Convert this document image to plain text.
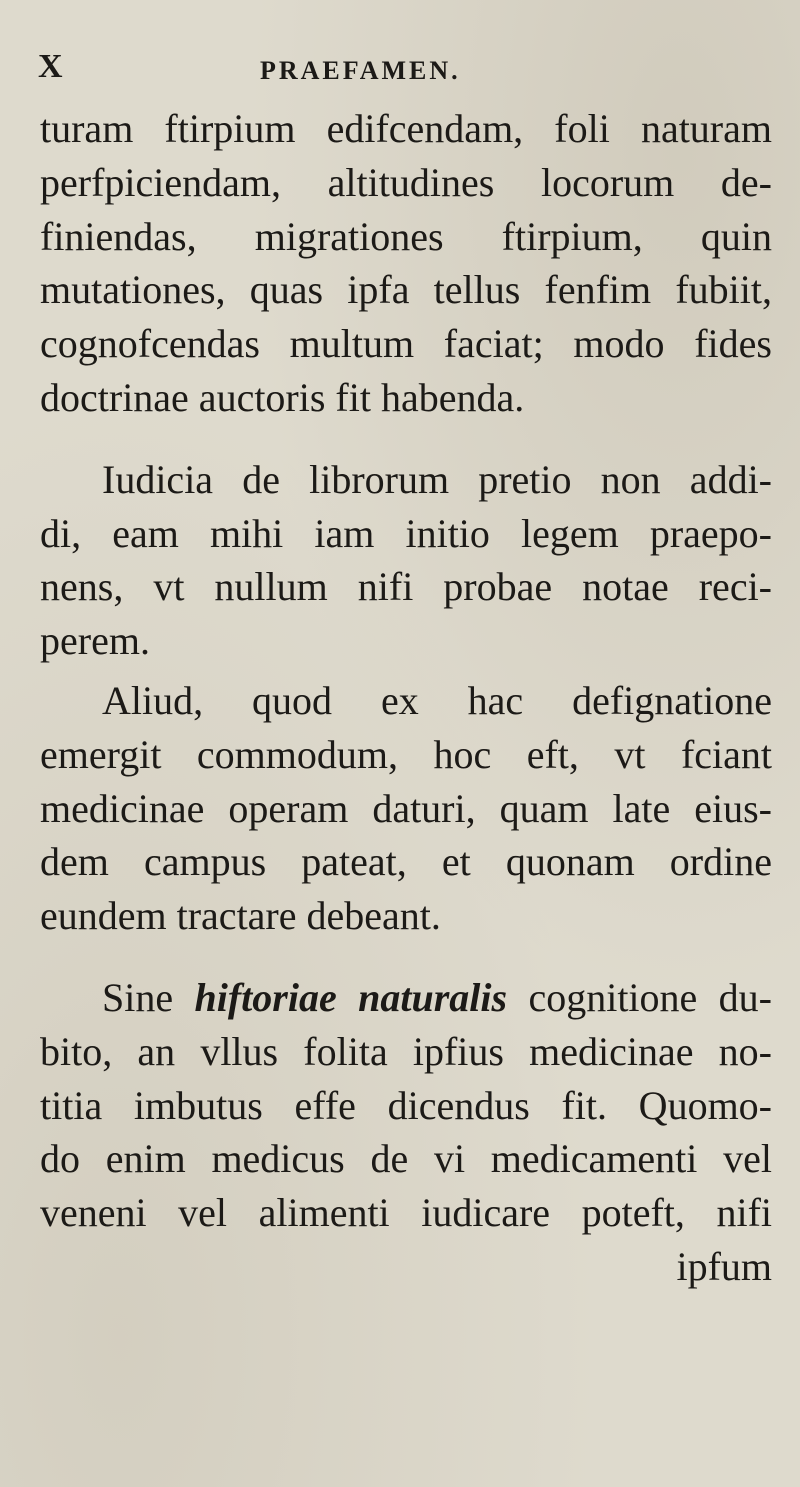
X	PRAEFAMEN.
turam ftirpium edifcendam, foli naturam
perfpiciendam, altitudines locorum de-
finiendas, migrationes ftirpium, quin
mutationes, quas ipfa tellus fenfim fubiit,
cognofcendas multum faciat; modo fides
doctrinae auctoris fit habenda.
Iudicia de librorum pretio non addi-
di, eam mihi iam initio legem praepo-
nens, vt nullum nifi probae notae reci-
perem.
Aliud, quod ex hac defignatione
emergit commodum, hoc eft, vt fciant
medicinae operam daturi, quam late eius-
dem campus pateat, et quonam ordine
eundem tractare debeant.
Sine hiftoriae naturalis cognitione du-
bito, an vllus folita ipfius medicinae no-
titia imbutus effe dicendus fit. Quomo-
do enim medicus de vi medicamenti vel
veneni vel alimenti iudicare poteft, nifi
ipfum
